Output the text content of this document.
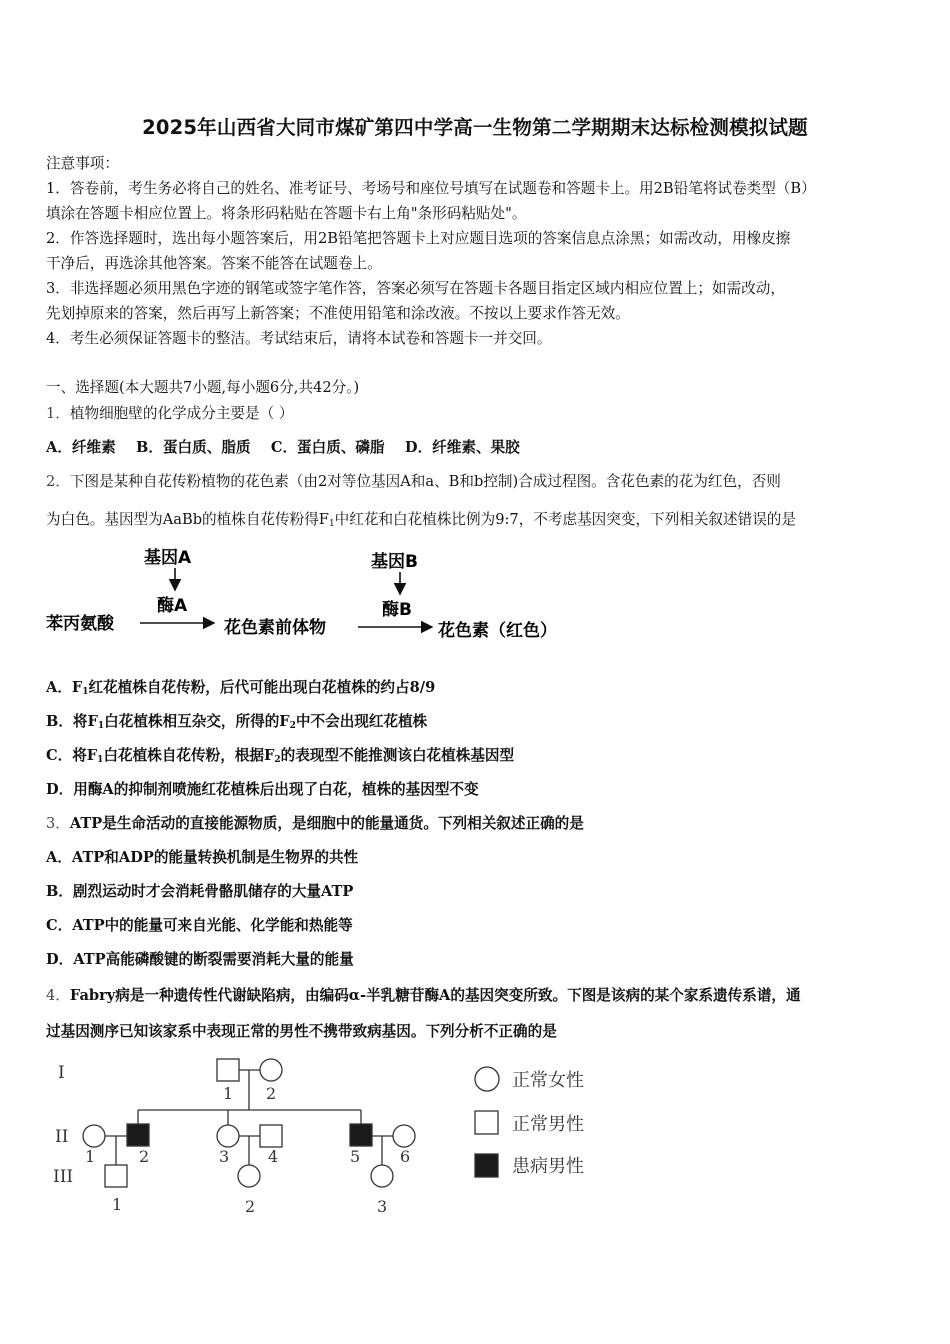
2025年山西省大同市煤矿第四中学高一生物第二学期期末达标检测模拟试题
注意事项：
1．答卷前，考生务必将自己的姓名、准考证号、考场号和座位号填写在试题卷和答题卡上。用2B铅笔将试卷类型（B）
填涂在答题卡相应位置上。将条形码粘贴在答题卡右上角"条形码粘贴处"。
2．作答选择题时，选出每小题答案后，用2B铅笔把答题卡上对应题目选项的答案信息点涂黑；如需改动，用橡皮擦
干净后，再选涂其他答案。答案不能答在试题卷上。
3．非选择题必须用黑色字迹的钢笔或签字笔作答，答案必须写在答题卡各题目指定区域内相应位置上；如需改动，
先划掉原来的答案，然后再写上新答案；不准使用铅笔和涂改液。不按以上要求作答无效。
4．考生必须保证答题卡的整洁。考试结束后，请将本试卷和答题卡一并交回。
一、选择题(本大题共7小题,每小题6分,共42分。)
1．植物细胞壁的化学成分主要是（ ）
A．纤维素    B．蛋白质、脂质    C．蛋白质、磷脂    D．纤维素、果胶
2．下图是某种自花传粉植物的花色素（由2对等位基因A和a、B和b控制)合成过程图。含花色素的花为红色，否则
为白色。基因型为AaBb的植株自花传粉得$F_1$中红花和白花植株比例为9:7，不考虑基因突变，下列相关叙述错误的是
基因A
酶A
基因B
酶B
苯丙氨酸	花色素前体物	花色素（红色）
A．$F_1$红花植株自花传粉，后代可能出现白花植株的约占8/9
B．将$F_1$白花植株相互杂交，所得的$F_2$中不会出现红花植株
C．将$F_1$白花植株自花传粉，根据$F_2$的表现型不能推测该白花植株基因型
D．用酶A的抑制剂喷施红花植株后出现了白花，植株的基因型不变
3．ATP是生命活动的直接能源物质，是细胞中的能量通货。下列相关叙述正确的是
A．ATP和ADP的能量转换机制是生物界的共性
B．剧烈运动时才会消耗骨骼肌储存的大量ATP
C．ATP中的能量可来自光能、化学能和热能等
D．ATP高能磷酸键的断裂需要消耗大量的能量
4．Fabry病是一种遗传性代谢缺陷病，由编码α-半乳糖苷酶A的基因突变所致。下图是该病的某个家系遗传系谱，通
过基因测序已知该家系中表现正常的男性不携带致病基因。下列分析不正确的是
I
II
III
1 2
1	2	3 4	5 6
1	2	3
正常女性
正常男性
患病男性
